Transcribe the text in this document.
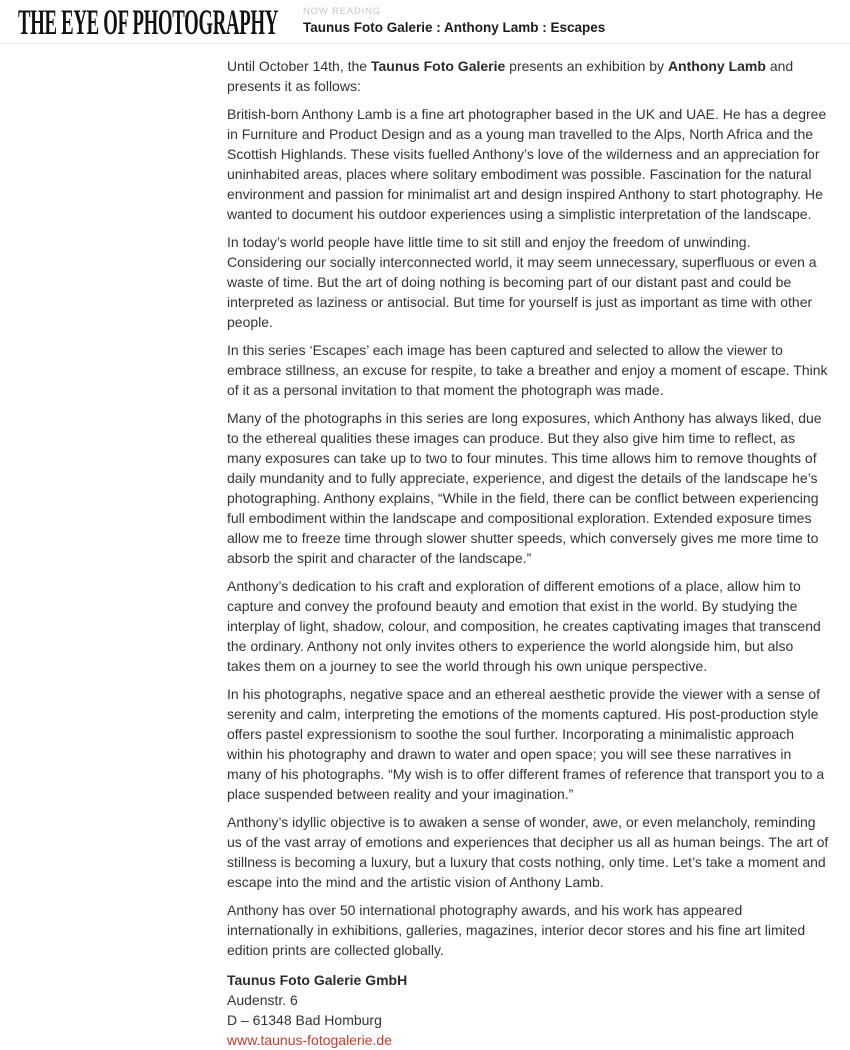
THE EYE OF PHOTOGRAPHY	NOW READING
Taunus Foto Galerie : Anthony Lamb : Escapes

Until October 14th, the Taunus Foto Galerie presents an exhibition by Anthony Lamb and presents it as follows:

British-born Anthony Lamb is a fine art photographer based in the UK and UAE. He has a degree in Furniture and Product Design and as a young man travelled to the Alps, North Africa and the Scottish Highlands. These visits fuelled Anthony’s love of the wilderness and an appreciation for uninhabited areas, places where solitary embodiment was possible. Fascination for the natural environment and passion for minimalist art and design inspired Anthony to start photography. He wanted to document his outdoor experiences using a simplistic interpretation of the landscape.

In today’s world people have little time to sit still and enjoy the freedom of unwinding. Considering our socially interconnected world, it may seem unnecessary, superfluous or even a waste of time. But the art of doing nothing is becoming part of our distant past and could be interpreted as laziness or antisocial. But time for yourself is just as important as time with other people.

In this series ‘Escapes’ each image has been captured and selected to allow the viewer to embrace stillness, an excuse for respite, to take a breather and enjoy a moment of escape. Think of it as a personal invitation to that moment the photograph was made.

Many of the photographs in this series are long exposures, which Anthony has always liked, due to the ethereal qualities these images can produce. But they also give him time to reflect, as many exposures can take up to two to four minutes. This time allows him to remove thoughts of daily mundanity and to fully appreciate, experience, and digest the details of the landscape he’s photographing. Anthony explains, “While in the field, there can be conflict between experiencing full embodiment within the landscape and compositional exploration. Extended exposure times allow me to freeze time through slower shutter speeds, which conversely gives me more time to absorb the spirit and character of the landscape.”

Anthony’s dedication to his craft and exploration of different emotions of a place, allow him to capture and convey the profound beauty and emotion that exist in the world. By studying the interplay of light, shadow, colour, and composition, he creates captivating images that transcend the ordinary. Anthony not only invites others to experience the world alongside him, but also takes them on a journey to see the world through his own unique perspective.

In his photographs, negative space and an ethereal aesthetic provide the viewer with a sense of serenity and calm, interpreting the emotions of the moments captured. His post-production style offers pastel expressionism to soothe the soul further. Incorporating a minimalistic approach within his photography and drawn to water and open space; you will see these narratives in many of his photographs. “My wish is to offer different frames of reference that transport you to a place suspended between reality and your imagination.”

Anthony’s idyllic objective is to awaken a sense of wonder, awe, or even melancholy, reminding us of the vast array of emotions and experiences that decipher us all as human beings. The art of stillness is becoming a luxury, but a luxury that costs nothing, only time. Let’s take a moment and escape into the mind and the artistic vision of Anthony Lamb.

Anthony has over 50 international photography awards, and his work has appeared internationally in exhibitions, galleries, magazines, interior decor stores and his fine art limited edition prints are collected globally.

Taunus Foto Galerie GmbH
Audenstr. 6
D – 61348 Bad Homburg
www.taunus-fotogalerie.de
